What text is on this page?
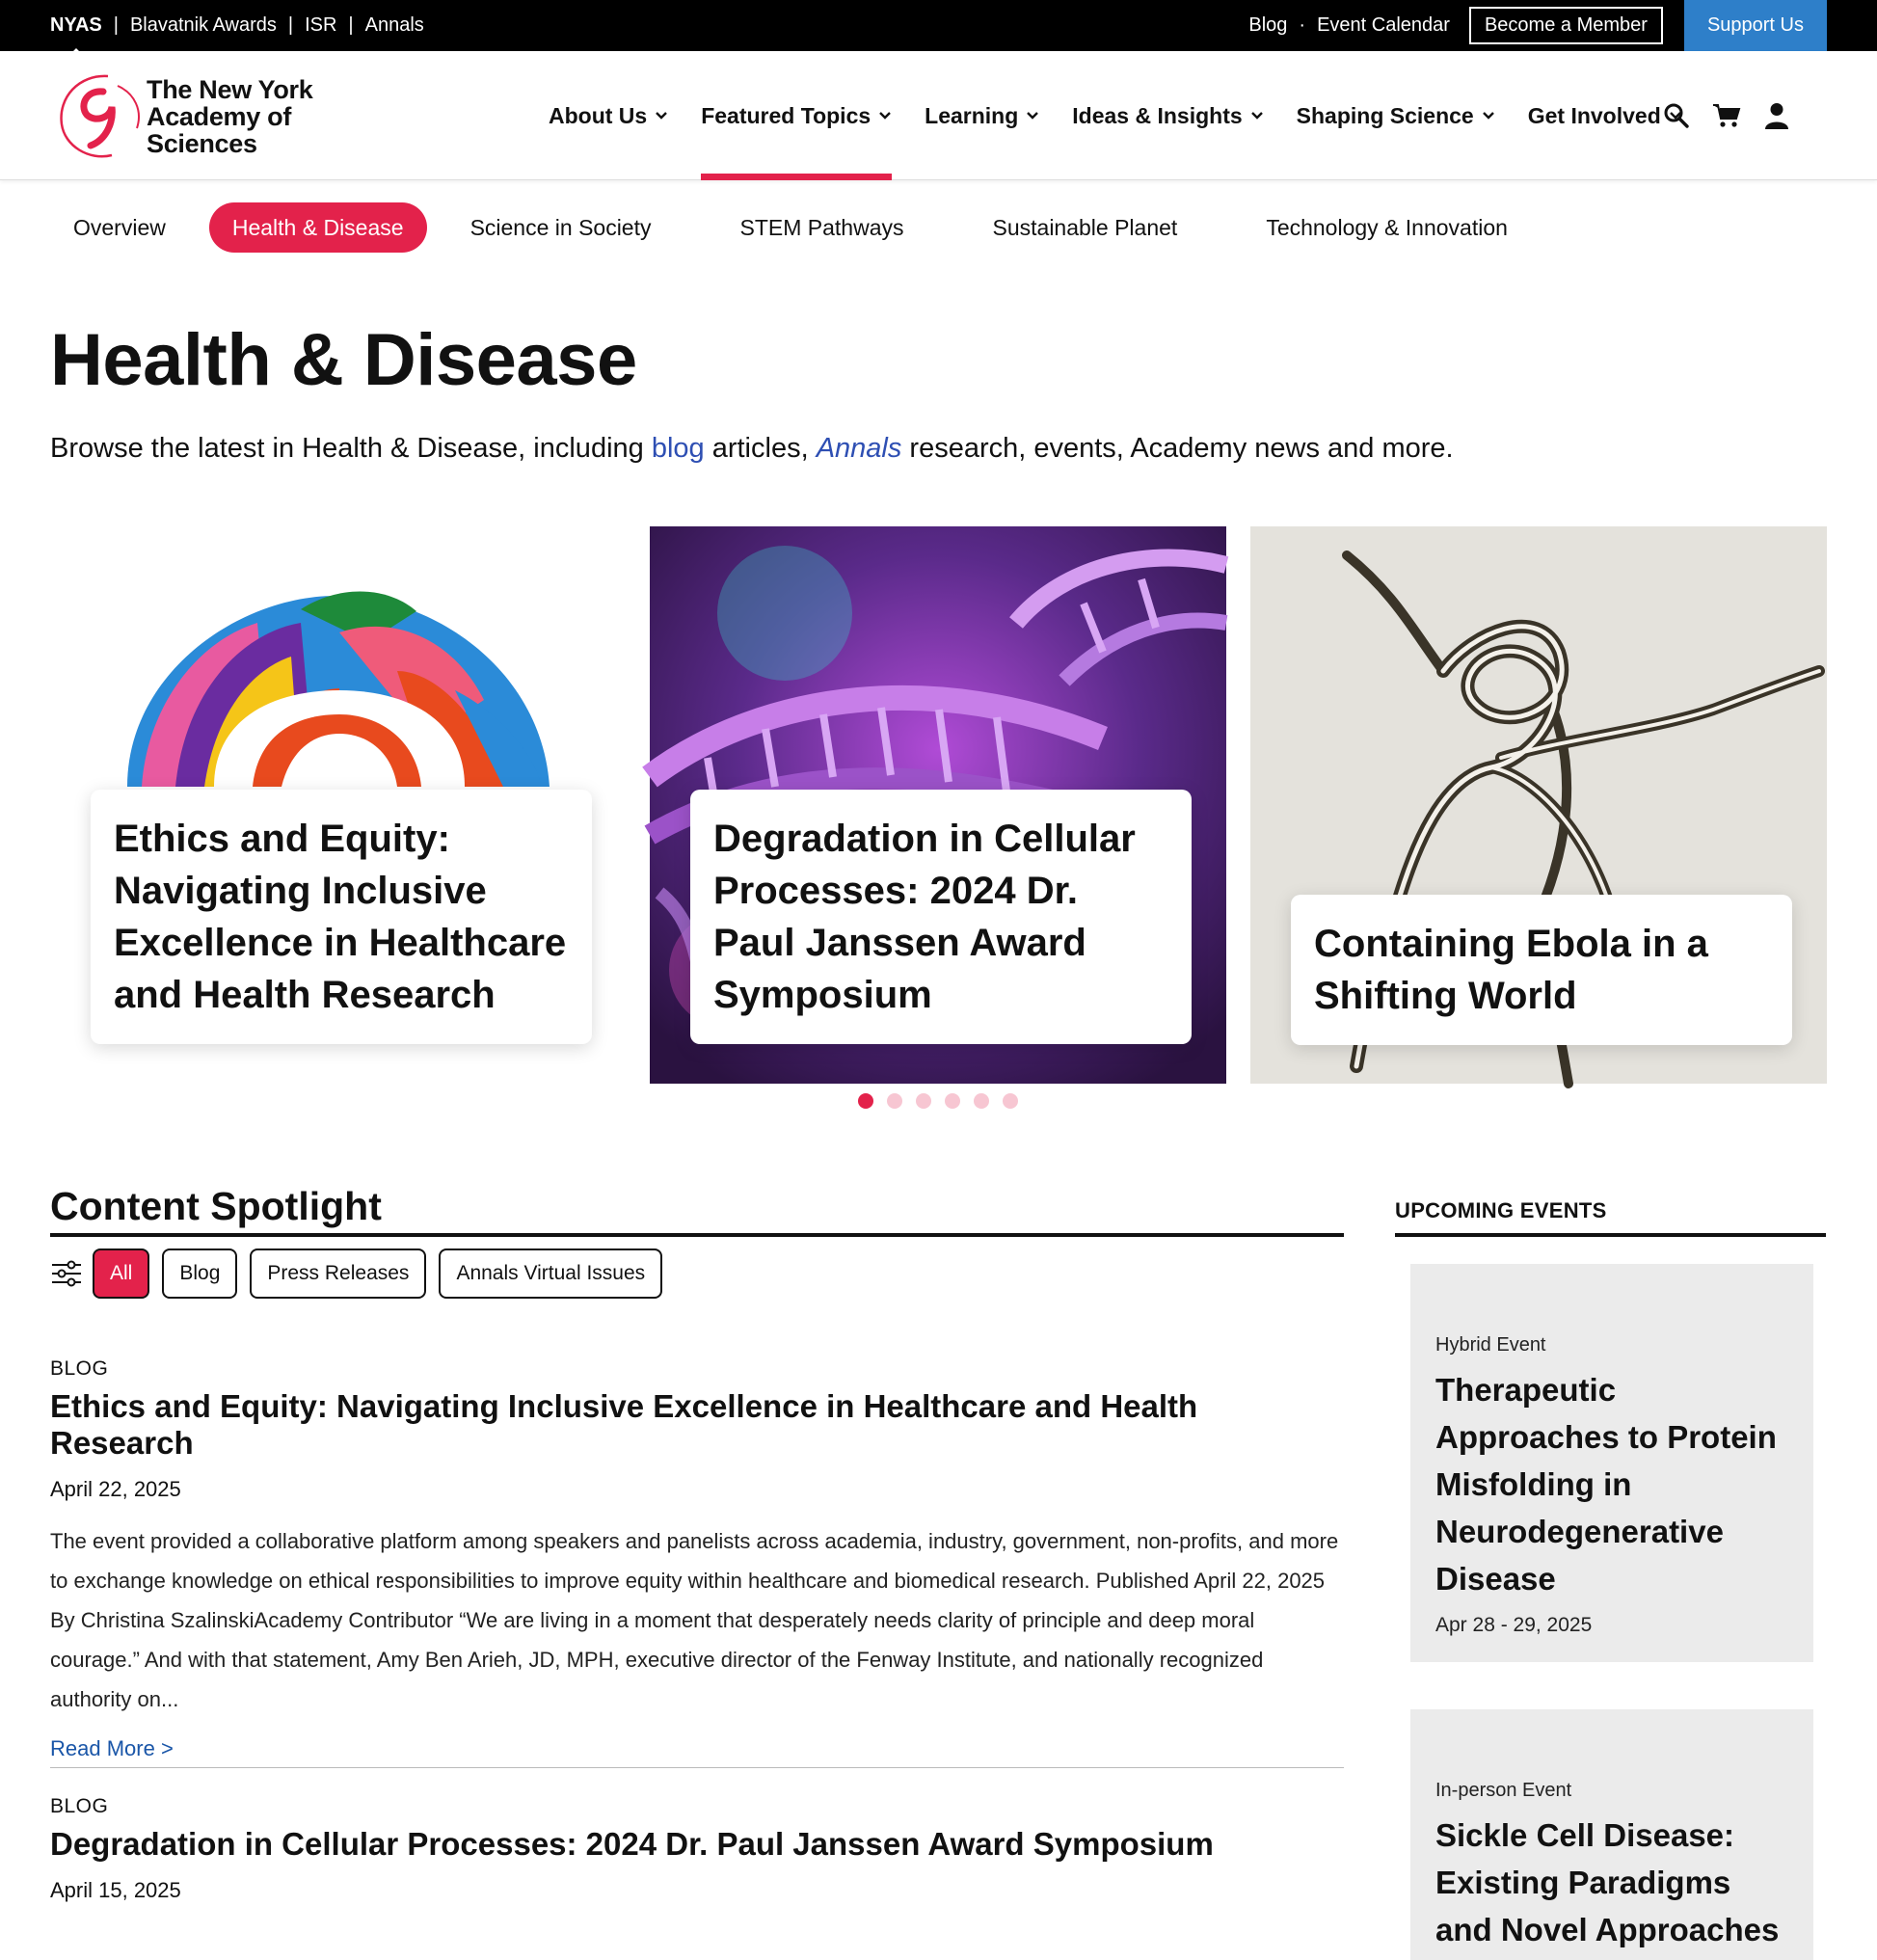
NYAS | Blavatnik Awards | ISR | Annals	Blog · Event Calendar	Become a Member	Support Us
The New York
Academy of Sciences
About Us Featured Topics Learning Ideas & Insights Shaping Science Get Involved
Overview	Health & Disease	Science in Society	STEM Pathways	Sustainable Planet	Technology & Innovation
Health & Disease

Browse the latest in Health & Disease, including blog articles, Annals research, events, Academy news and more.

Ethics and Equity: Navigating Inclusive Excellence in Healthcare and Health Research
Degradation in Cellular Processes: 2024 Dr. Paul Janssen Award Symposium
Containing Ebola in a Shifting World
Content Spotlight
All	Blog	Press Releases	Annals Virtual Issues
BLOG
Ethics and Equity: Navigating Inclusive Excellence in Healthcare and Health Research
April 22, 2025
The event provided a collaborative platform among speakers and panelists across academia, industry, government, non-profits, and more to exchange knowledge on ethical responsibilities to improve equity within healthcare and biomedical research. Published April 22, 2025 By Christina SzalinskiAcademy Contributor “We are living in a moment that desperately needs clarity of principle and deep moral courage.” And with that statement, Amy Ben Arieh, JD, MPH, executive director of the Fenway Institute, and nationally recognized authority on...
Read More >
BLOG
Degradation in Cellular Processes: 2024 Dr. Paul Janssen Award Symposium
April 15, 2025
UPCOMING EVENTS
Hybrid Event
Therapeutic Approaches to Protein Misfolding in Neurodegenerative Disease
Apr 28 - 29, 2025
In-person Event
Sickle Cell Disease: Existing Paradigms and Novel Approaches
